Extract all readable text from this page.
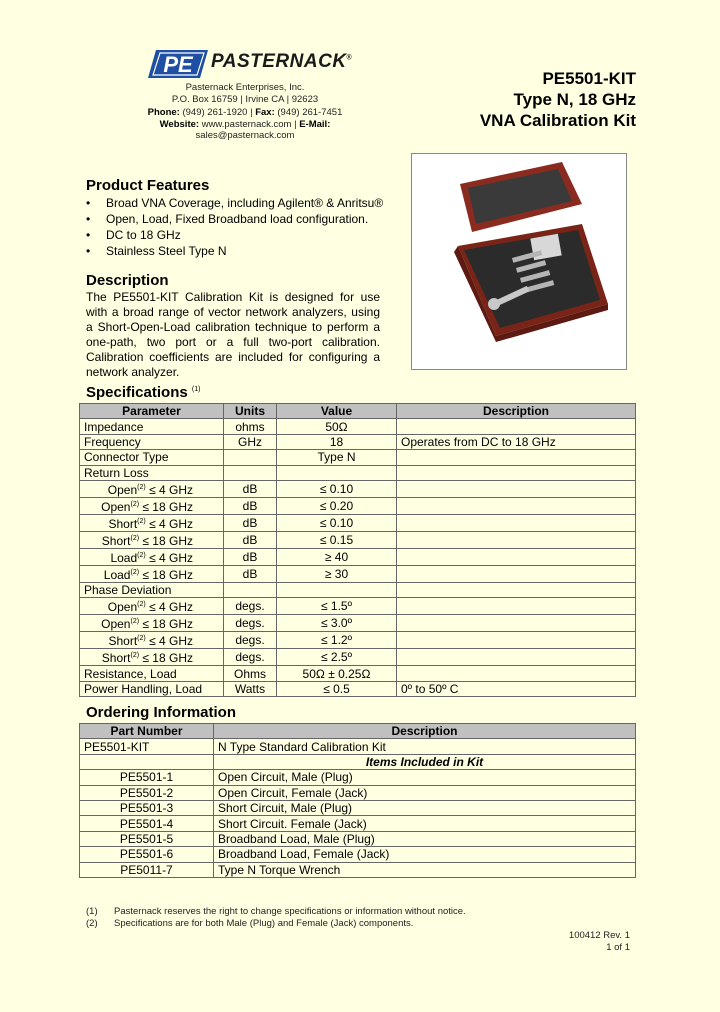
PE PASTERNACK®
Pasternack Enterprises, Inc.
P.O. Box 16759 | Irvine CA | 92623
Phone: (949) 261-1920 | Fax: (949) 261-7451
Website: www.pasternack.com | E-Mail: sales@pasternack.com
PE5501-KIT
Type N, 18 GHz
VNA Calibration Kit
Product Features
• Broad VNA Coverage, including Agilent® & Anritsu®
• Open, Load, Fixed Broadband load configuration.
• DC to 18 GHz
• Stainless Steel Type N
Description
The PE5501-KIT Calibration Kit is designed for use with a broad range of vector network analyzers, using a Short-Open-Load calibration technique to perform a one-path, two port or a full two-port calibration. Calibration coefficients are included for configuring a network analyzer.
Specifications $^{(1)}$
Parameter	Units	Value	Description
Impedance	ohms	50Ω	
Frequency	GHz	18	Operates from DC to 18 GHz
Connector Type		Type N	
Return Loss			
Open$^{(2)}$ ≤ 4 GHz	dB	≤ 0.10	
Open$^{(2)}$ ≤ 18 GHz	dB	≤ 0.20	
Short$^{(2)}$ ≤ 4 GHz	dB	≤ 0.10	
Short$^{(2)}$ ≤ 18 GHz	dB	≤ 0.15	
Load$^{(2)}$ ≤ 4 GHz	dB	≥ 40	
Load$^{(2)}$ ≤ 18 GHz	dB	≥ 30	
Phase Deviation			
Open$^{(2)}$ ≤ 4 GHz	degs.	≤ 1.5º	
Open$^{(2)}$ ≤ 18 GHz	degs.	≤ 3.0º	
Short$^{(2)}$ ≤ 4 GHz	degs.	≤ 1.2º	
Short$^{(2)}$ ≤ 18 GHz	degs.	≤ 2.5º	
Resistance, Load	Ohms	50Ω ± 0.25Ω	
Power Handling, Load	Watts	≤ 0.5	0º to 50º C
Ordering Information
Part Number	Description
PE5501-KIT	N Type Standard Calibration Kit
	Items Included in Kit
PE5501-1	Open Circuit, Male (Plug)
PE5501-2	Open Circuit, Female (Jack)
PE5501-3	Short Circuit, Male (Plug)
PE5501-4	Short Circuit. Female (Jack)
PE5501-5	Broadband Load, Male (Plug)
PE5501-6	Broadband Load, Female (Jack)
PE5011-7	Type N Torque Wrench
(1) Pasternack reserves the right to change specifications or information without notice.
(2) Specifications are for both Male (Plug) and Female (Jack) components.
100412 Rev. 1
1 of 1
